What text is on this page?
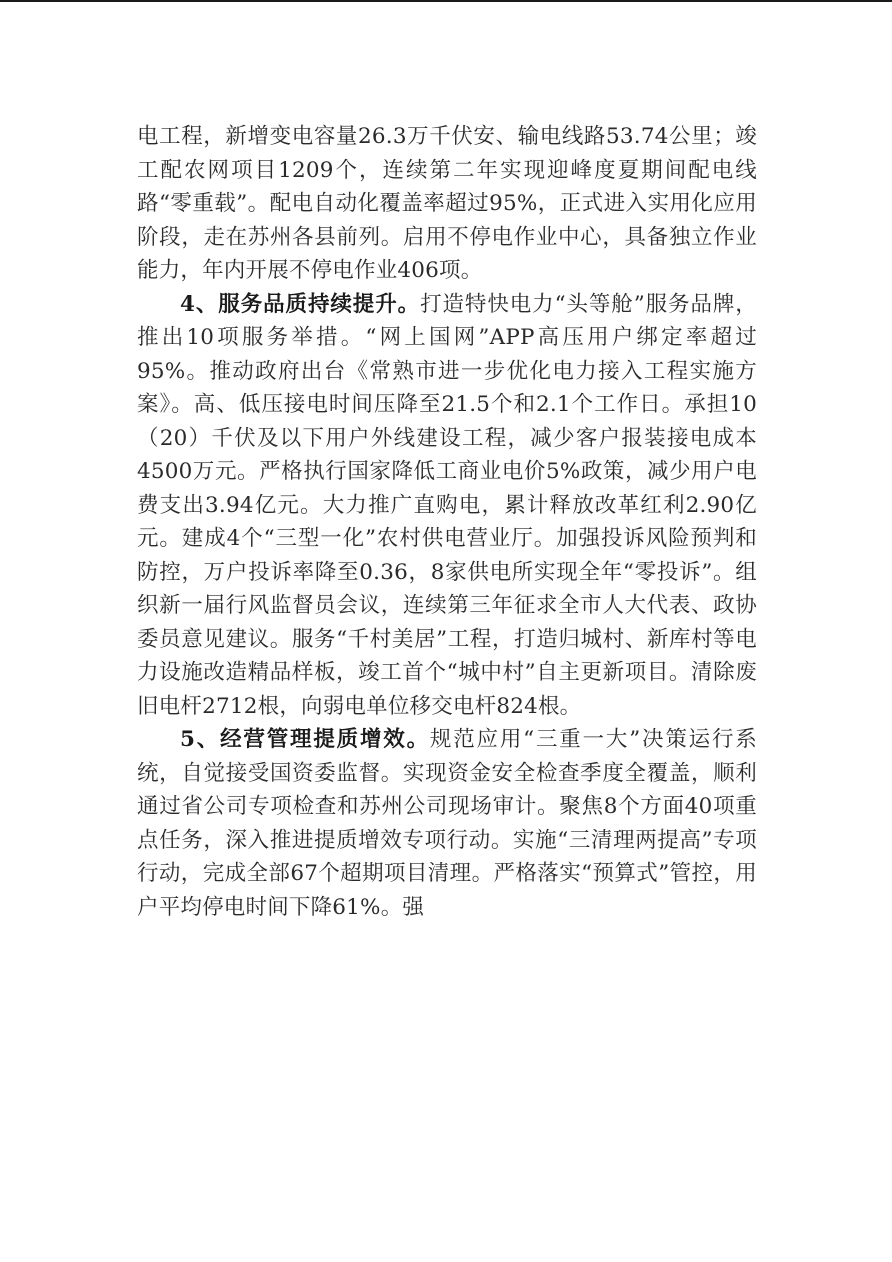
电工程，新增变电容量26.3万千伏安、输电线路53.74公里；竣工配农网项目1209个，连续第二年实现迎峰度夏期间配电线路“零重载”。配电自动化覆盖率超过95%，正式进入实用化应用阶段，走在苏州各县前列。启用不停电作业中心，具备独立作业能力，年内开展不停电作业406项。

4、服务品质持续提升。打造特快电力“头等舱”服务品牌，推出10项服务举措。“网上国网”APP高压用户绑定率超过95%。推动政府出台《常熟市进一步优化电力接入工程实施方案》。高、低压接电时间压降至21.5个和2.1个工作日。承担10（20）千伏及以下用户外线建设工程，减少客户报装接电成本4500万元。严格执行国家降低工商业电价5%政策，减少用户电费支出3.94亿元。大力推广直购电，累计释放改革红利2.90亿元。建成4个“三型一化”农村供电营业厅。加强投诉风险预判和防控，万户投诉率降至0.36，8家供电所实现全年“零投诉”。组织新一届行风监督员会议，连续第三年征求全市人大代表、政协委员意见建议。服务“千村美居”工程，打造归城村、新库村等电力设施改造精品样板，竣工首个“城中村”自主更新项目。清除废旧电杆2712根，向弱电单位移交电杆824根。

5、经营管理提质增效。规范应用“三重一大”决策运行系统，自觉接受国资委监督。实现资金安全检查季度全覆盖，顺利通过省公司专项检查和苏州公司现场审计。聚焦8个方面40项重点任务，深入推进提质增效专项行动。实施“三清理两提高”专项行动，完成全部67个超期项目清理。严格落实“预算式”管控，用户平均停电时间下降61%。强
